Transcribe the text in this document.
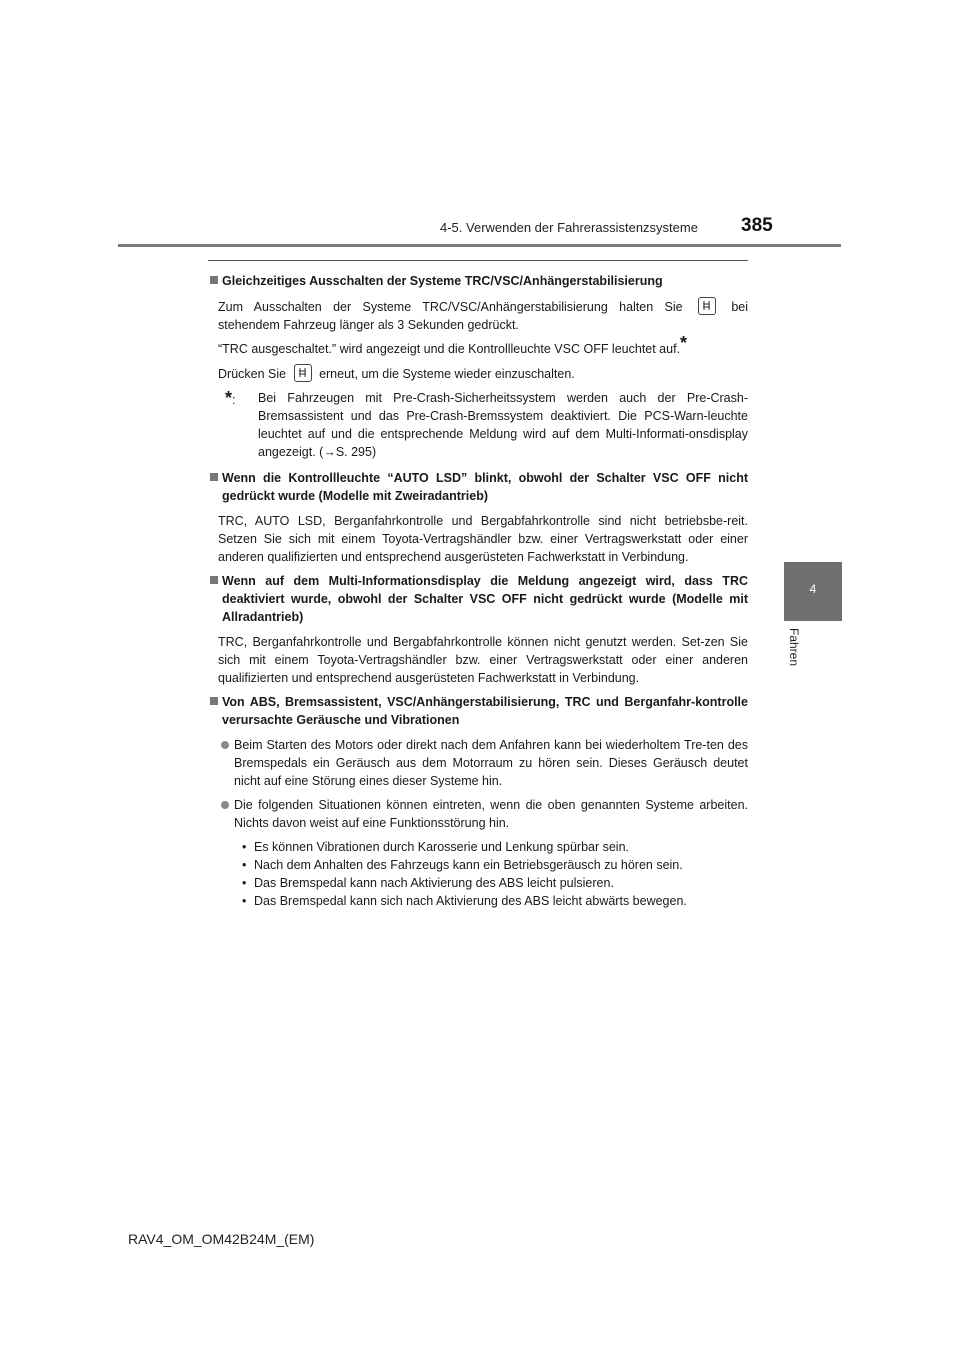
4-5. Verwenden der Fahrerassistenzsysteme 385
4
Fahren
Gleichzeitiges Ausschalten der Systeme TRC/VSC/Anhängerstabilisierung

Zum Ausschalten der Systeme TRC/VSC/Anhängerstabilisierung halten Sie	bei stehendem Fahrzeug länger als 3 Sekunden gedrückt.

“TRC ausgeschaltet.” wird angezeigt und die Kontrollleuchte VSC OFF leuchtet auf.*

Drücken Sie	erneut, um die Systeme wieder einzuschalten.

*: Bei Fahrzeugen mit Pre-Crash-Sicherheitssystem werden auch der Pre-Crash-Bremsassistent und das Pre-Crash-Bremssystem deaktiviert. Die PCS-Warn-leuchte leuchtet auf und die entsprechende Meldung wird auf dem Multi-Informati-onsdisplay angezeigt. (→S. 295)
Wenn die Kontrollleuchte “AUTO LSD” blinkt, obwohl der Schalter VSC OFF nicht gedrückt wurde (Modelle mit Zweiradantrieb)

TRC, AUTO LSD, Berganfahrkontrolle und Bergabfahrkontrolle sind nicht betriebsbe-reit. Setzen Sie sich mit einem Toyota-Vertragshändler bzw. einer Vertragswerkstatt oder einer anderen qualifizierten und entsprechend ausgerüsteten Fachwerkstatt in Verbindung.

Wenn auf dem Multi-Informationsdisplay die Meldung angezeigt wird, dass TRC deaktiviert wurde, obwohl der Schalter VSC OFF nicht gedrückt wurde (Modelle mit Allradantrieb)

TRC, Berganfahrkontrolle und Bergabfahrkontrolle können nicht genutzt werden. Set-zen Sie sich mit einem Toyota-Vertragshändler bzw. einer Vertragswerkstatt oder einer anderen qualifizierten und entsprechend ausgerüsteten Fachwerkstatt in Verbindung.

Von ABS, Bremsassistent, VSC/Anhängerstabilisierung, TRC und Berganfahr-kontrolle verursachte Geräusche und Vibrationen
Beim Starten des Motors oder direkt nach dem Anfahren kann bei wiederholtem Tre-ten des Bremspedals ein Geräusch aus dem Motorraum zu hören sein. Dieses Geräusch deutet nicht auf eine Störung eines dieser Systeme hin.
Die folgenden Situationen können eintreten, wenn die oben genannten Systeme arbeiten. Nichts davon weist auf eine Funktionsstörung hin.
• Es können Vibrationen durch Karosserie und Lenkung spürbar sein.
• Nach dem Anhalten des Fahrzeugs kann ein Betriebsgeräusch zu hören sein.
• Das Bremspedal kann nach Aktivierung des ABS leicht pulsieren.
• Das Bremspedal kann sich nach Aktivierung des ABS leicht abwärts bewegen.
RAV4_OM_OM42B24M_(EM)
